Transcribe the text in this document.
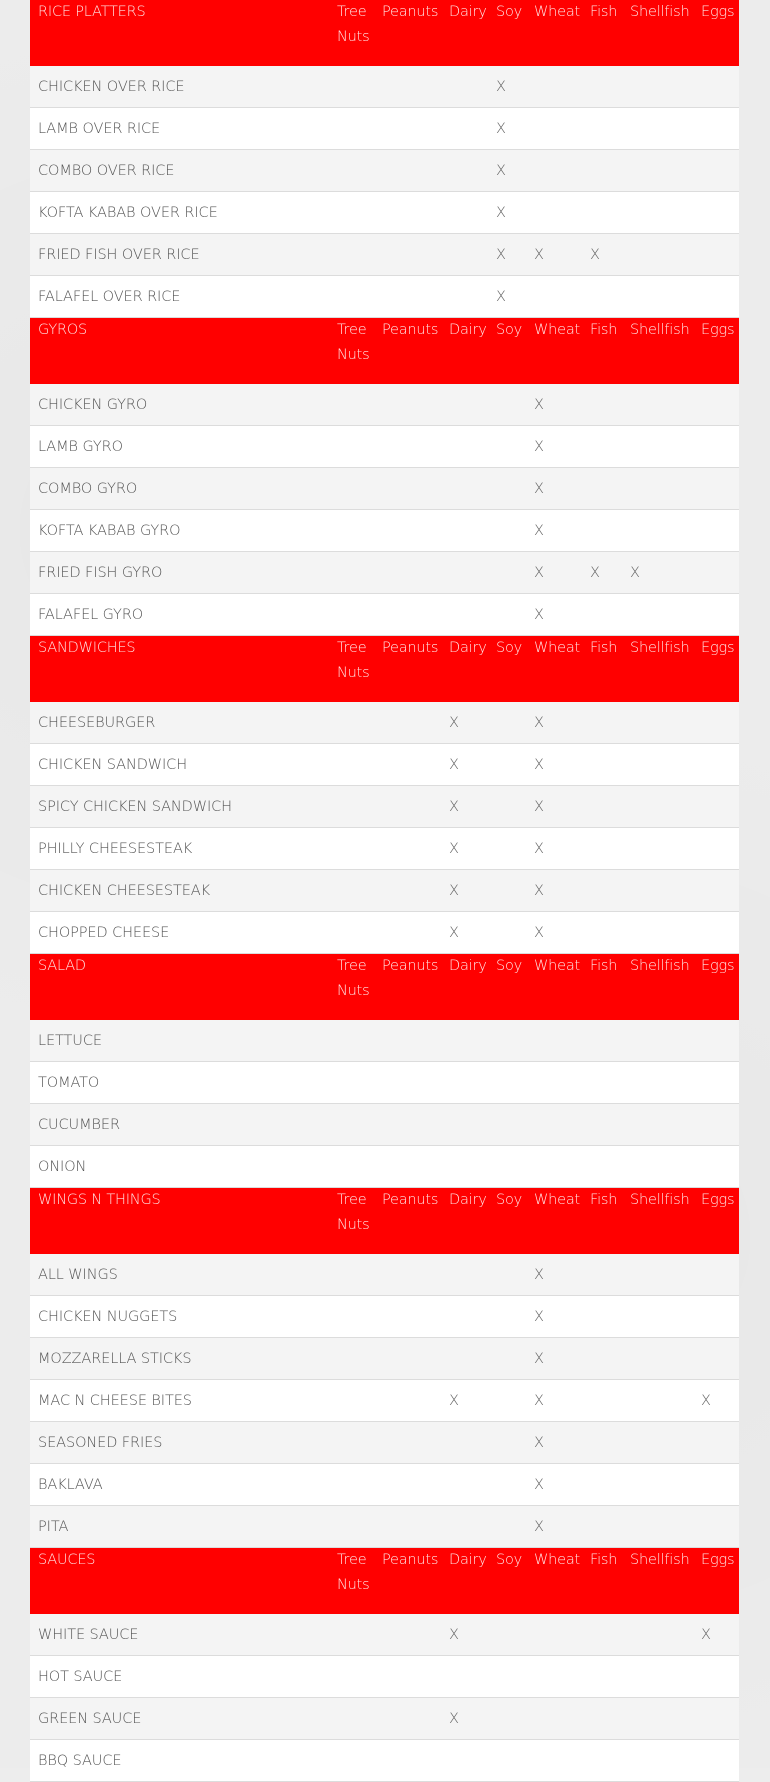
RICE PLATTERS	Tree Nuts	Peanuts	Dairy	Soy	Wheat	Fish	Shellfish	Eggs
CHICKEN OVER RICE				X				
LAMB OVER RICE				X				
COMBO OVER RICE				X				
KOFTA KABAB OVER RICE				X				
FRIED FISH OVER RICE				X	X	X		
FALAFEL OVER RICE				X				
GYROS	Tree Nuts	Peanuts	Dairy	Soy	Wheat	Fish	Shellfish	Eggs
CHICKEN GYRO					X			
LAMB GYRO					X			
COMBO GYRO					X			
KOFTA KABAB GYRO					X			
FRIED FISH GYRO					X	X	X	
FALAFEL GYRO					X			
SANDWICHES	Tree Nuts	Peanuts	Dairy	Soy	Wheat	Fish	Shellfish	Eggs
CHEESEBURGER			X		X			
CHICKEN SANDWICH			X		X			
SPICY CHICKEN SANDWICH			X		X			
PHILLY CHEESESTEAK			X		X			
CHICKEN CHEESESTEAK			X		X			
CHOPPED CHEESE			X		X			
SALAD	Tree Nuts	Peanuts	Dairy	Soy	Wheat	Fish	Shellfish	Eggs
LETTUCE								
TOMATO								
CUCUMBER								
ONION								
WINGS N THINGS	Tree Nuts	Peanuts	Dairy	Soy	Wheat	Fish	Shellfish	Eggs
ALL WINGS					X			
CHICKEN NUGGETS					X			
MOZZARELLA STICKS					X			
MAC N CHEESE BITES			X		X			X
SEASONED FRIES					X			
BAKLAVA					X			
PITA					X			
SAUCES	Tree Nuts	Peanuts	Dairy	Soy	Wheat	Fish	Shellfish	Eggs
WHITE SAUCE			X					X
HOT SAUCE								
GREEN SAUCE			X					
BBQ SAUCE								
